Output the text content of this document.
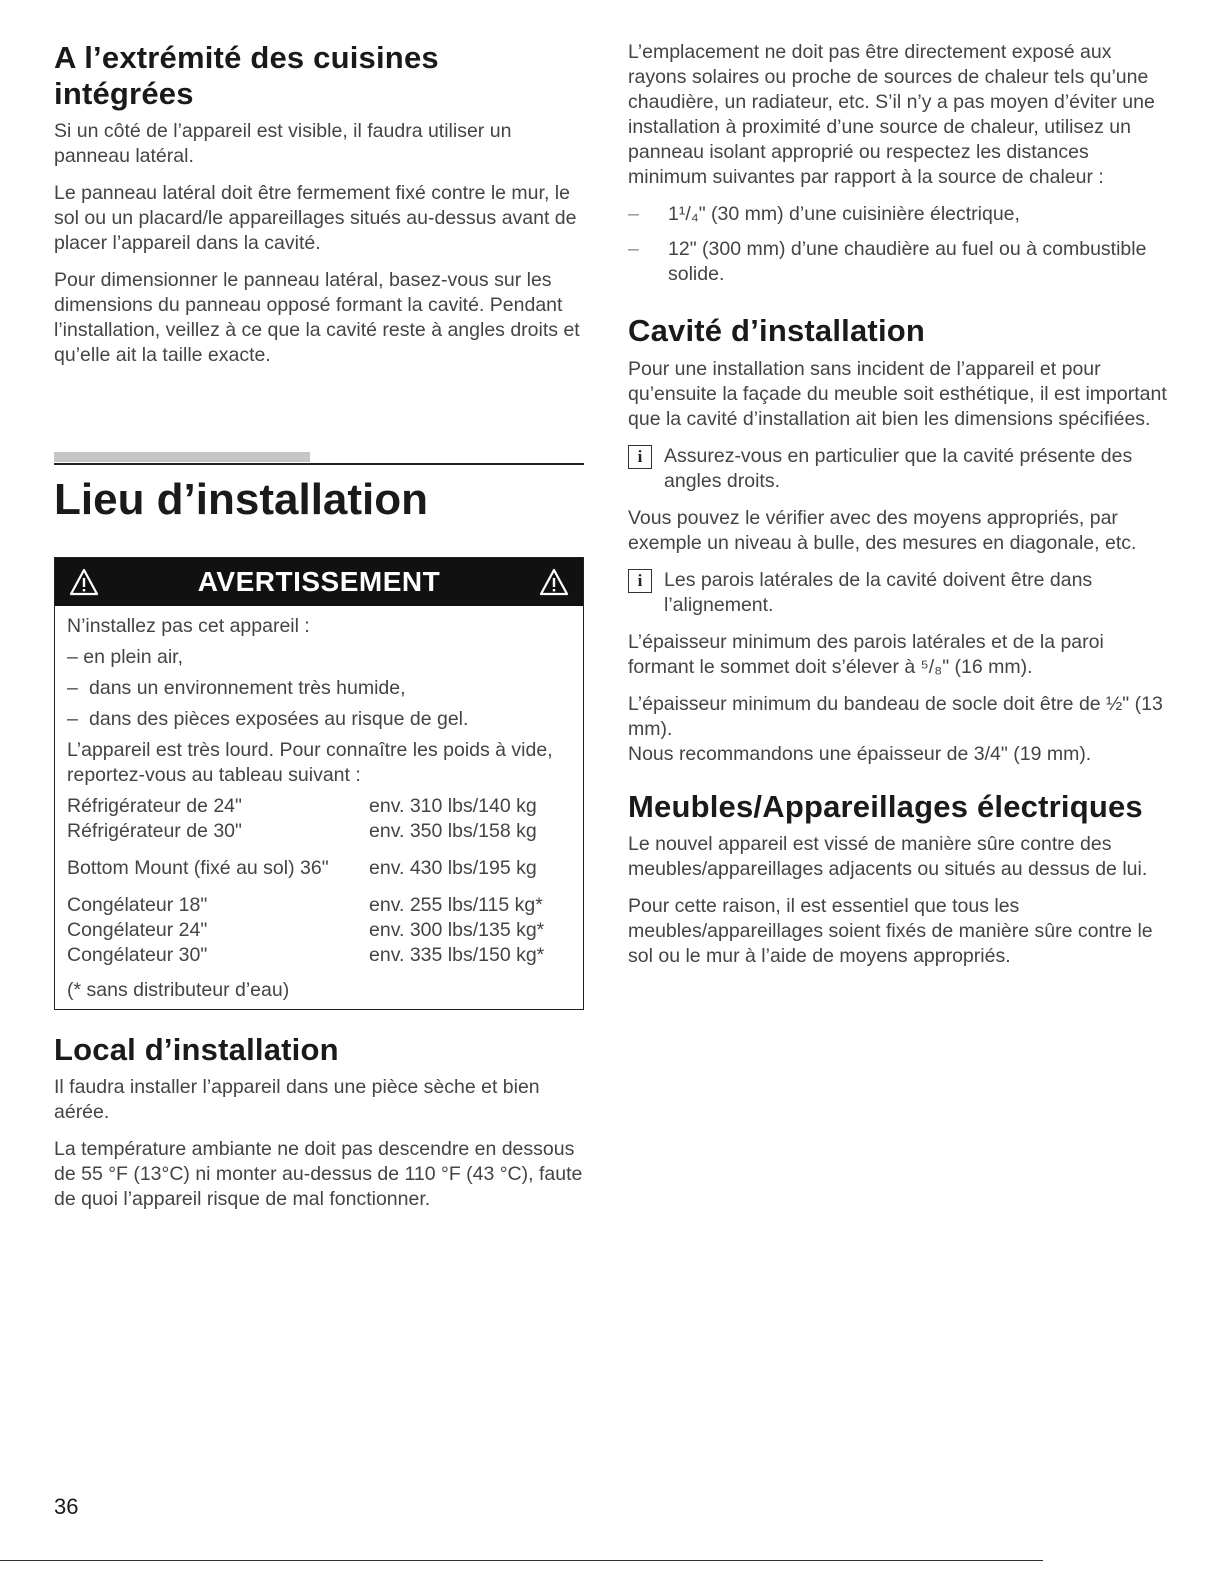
A l’extrémité des cuisines intégrées

Si un côté de l’appareil est visible, il faudra utiliser un panneau latéral.

Le panneau latéral doit être fermement fixé contre le mur, le sol ou un placard/le appareillages situés au-dessus avant de placer l’appareil dans la cavité.

Pour dimensionner le panneau latéral, basez-vous sur les dimensions du panneau opposé formant la cavité. Pendant l’installation, veillez à ce que la cavité reste à angles droits et qu’elle ait la taille exacte.

Lieu d’installation
AVERTISSEMENT

N’installez pas cet appareil :

– en plein air,
– dans un environnement très humide,
– dans des pièces exposées au risque de gel.

L’appareil est très lourd. Pour connaître les poids à vide, reportez-vous au tableau suivant :

Réfrigérateur de 24"	env. 310 lbs/140 kg
Réfrigérateur de 30"	env. 350 lbs/158 kg
Bottom Mount (fixé au sol) 36"	env. 430 lbs/195 kg
Congélateur 18"	env. 255 lbs/115 kg*
Congélateur 24"	env. 300 lbs/135 kg*
Congélateur 30"	env. 335 lbs/150 kg*
(* sans distributeur d’eau)
Local d’installation

Il faudra installer l’appareil dans une pièce sèche et bien aérée.

La température ambiante ne doit pas descendre en dessous de 55 °F (13°C) ni monter au-dessus de 110 °F (43 °C), faute de quoi l’appareil risque de mal fonctionner.

L’emplacement ne doit pas être directement exposé aux rayons solaires ou proche de sources de chaleur tels qu’une chaudière, un radiateur, etc. S’il n’y a pas moyen d’éviter une installation à proximité d’une source de chaleur, utilisez un panneau isolant approprié ou respectez les distances minimum suivantes par rapport à la source de chaleur :

–	1¹/₄" (30 mm) d’une cuisinière électrique,
–	12" (300 mm) d’une chaudière au fuel ou à combustible solide.
Cavité d’installation

Pour une installation sans incident de l’appareil et pour qu’ensuite la façade du meuble soit esthétique, il est important que la cavité d’installation ait bien les dimensions spécifiées.

i	Assurez-vous en particulier que la cavité présente des angles droits.

Vous pouvez le vérifier avec des moyens appropriés, par exemple un niveau à bulle, des mesures en diagonale, etc.

i	Les parois latérales de la cavité doivent être dans l’alignement.

L’épaisseur minimum des parois latérales et de la paroi formant le sommet doit s’élever à ⁵/₈" (16 mm).

L’épaisseur minimum du bandeau de socle doit être de ½" (13 mm).

Nous recommandons une épaisseur de 3/4" (19 mm).

Meubles/Appareillages électriques

Le nouvel appareil est vissé de manière sûre contre des meubles/appareillages adjacents ou situés au dessus de lui.

Pour cette raison, il est essentiel que tous les meubles/appareillages soient fixés de manière sûre contre le sol ou le mur à l’aide de moyens appropriés.

36
